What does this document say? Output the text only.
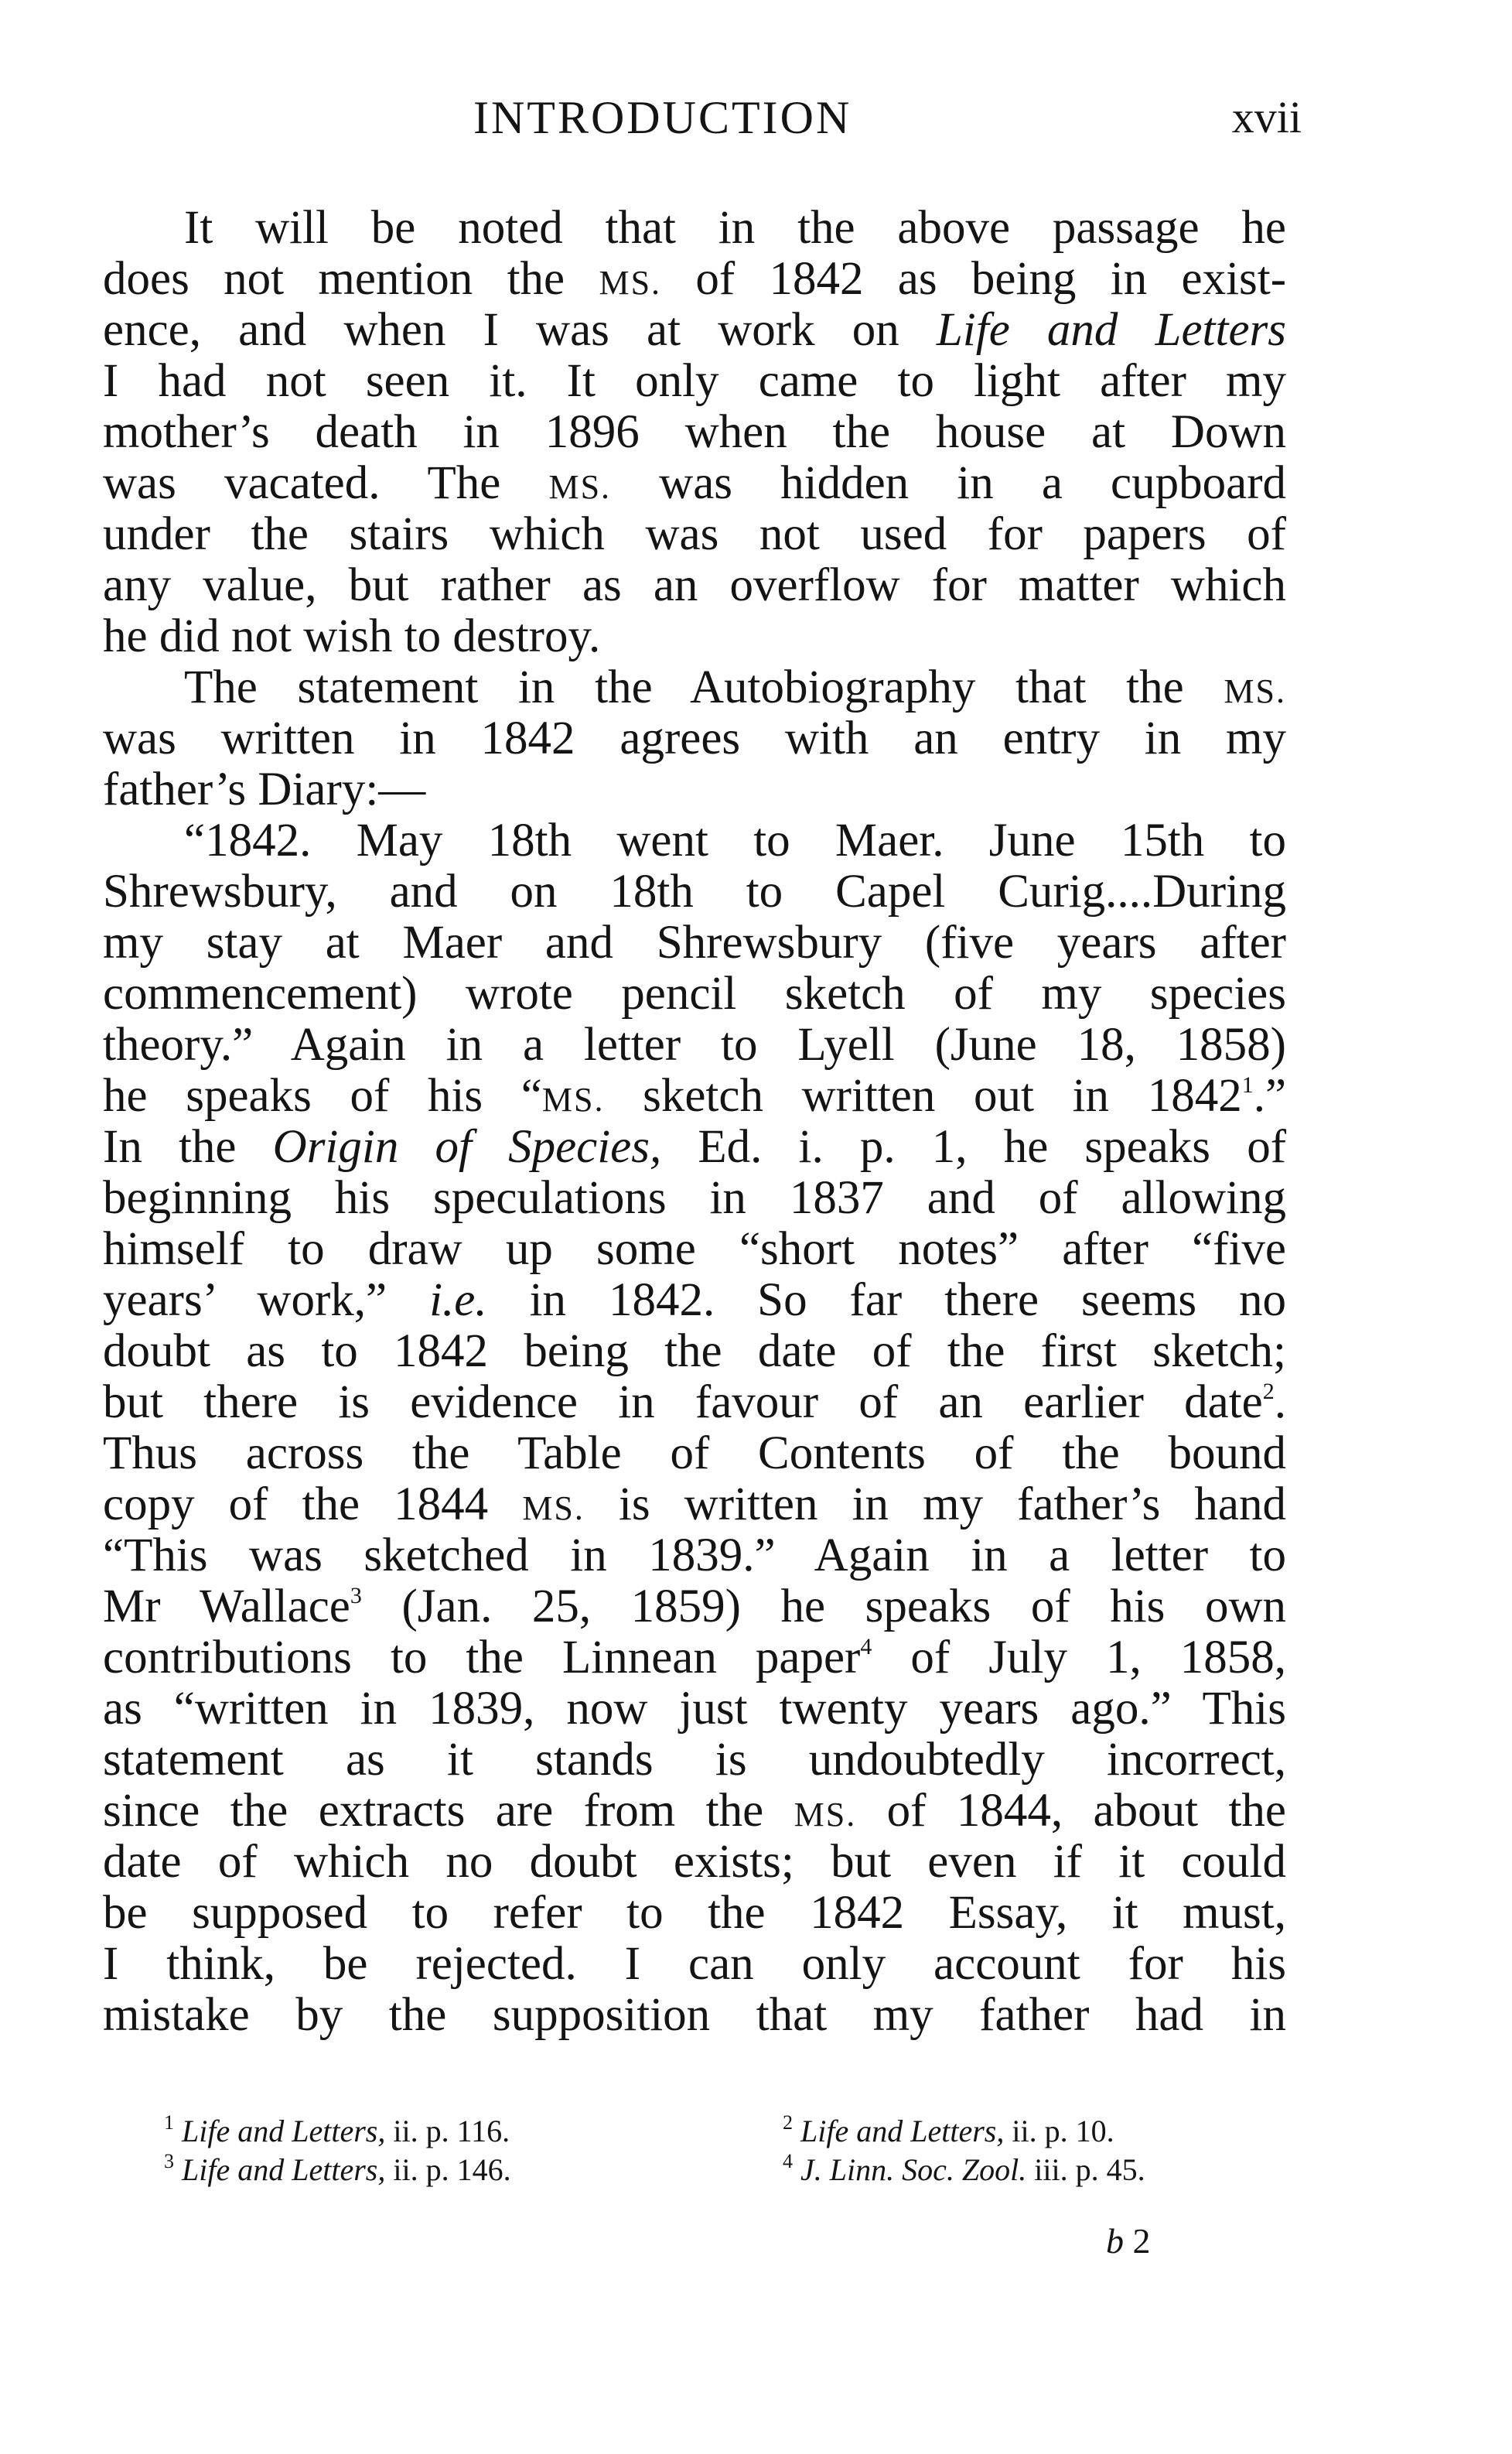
INTRODUCTION	xvii
It will be noted that in the above passage he
does not mention the MS. of 1842 as being in exist-
ence, and when I was at work on Life and Letters
I had not seen it. It only came to light after my
mother’s death in 1896 when the house at Down
was vacated. The MS. was hidden in a cupboard
under the stairs which was not used for papers of
any value, but rather as an overflow for matter which
he did not wish to destroy.
The statement in the Autobiography that the MS.
was written in 1842 agrees with an entry in my
father’s Diary:—
“1842. May 18th went to Maer. June 15th to
Shrewsbury, and on 18th to Capel Curig....During
my stay at Maer and Shrewsbury (five years after
commencement) wrote pencil sketch of my species
theory.” Again in a letter to Lyell (June 18, 1858)
he speaks of his “MS. sketch written out in 1842$^1$.”
In the Origin of Species, Ed. i. p. 1, he speaks of
beginning his speculations in 1837 and of allowing
himself to draw up some “short notes” after “five
years’ work,” i.e. in 1842. So far there seems no
doubt as to 1842 being the date of the first sketch;
but there is evidence in favour of an earlier date$^2$.
Thus across the Table of Contents of the bound
copy of the 1844 MS. is written in my father’s hand
“This was sketched in 1839.” Again in a letter to
Mr Wallace$^3$ (Jan. 25, 1859) he speaks of his own
contributions to the Linnean paper$^4$ of July 1, 1858,
as “written in 1839, now just twenty years ago.” This
statement as it stands is undoubtedly incorrect,
since the extracts are from the MS. of 1844, about the
date of which no doubt exists; but even if it could
be supposed to refer to the 1842 Essay, it must,
I think, be rejected. I can only account for his
mistake by the supposition that my father had in
$^1$ Life and Letters, ii. p. 116.	$^2$ Life and Letters, ii. p. 10.
$^3$ Life and Letters, ii. p. 146.	$^4$ J. Linn. Soc. Zool. iii. p. 45.
b 2
